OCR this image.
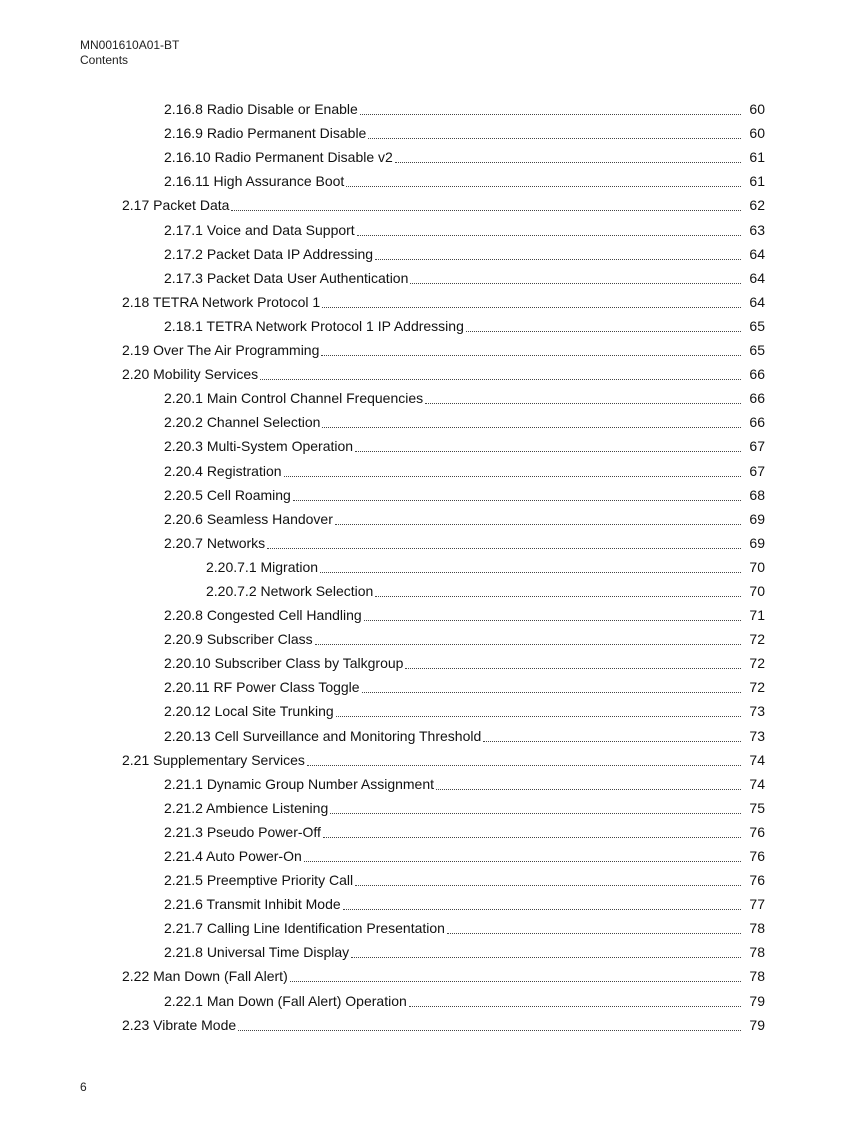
MN001610A01-BT
Contents
2.16.8 Radio Disable or Enable	60
2.16.9 Radio Permanent Disable	60
2.16.10 Radio Permanent Disable v2	61
2.16.11 High Assurance Boot	61
2.17 Packet Data	62
2.17.1 Voice and Data Support	63
2.17.2 Packet Data IP Addressing	64
2.17.3 Packet Data User Authentication	64
2.18 TETRA Network Protocol 1	64
2.18.1 TETRA Network Protocol 1 IP Addressing	65
2.19 Over The Air Programming	65
2.20 Mobility Services	66
2.20.1 Main Control Channel Frequencies	66
2.20.2 Channel Selection	66
2.20.3 Multi-System Operation	67
2.20.4 Registration	67
2.20.5 Cell Roaming	68
2.20.6 Seamless Handover	69
2.20.7 Networks	69
2.20.7.1 Migration	70
2.20.7.2 Network Selection	70
2.20.8 Congested Cell Handling	71
2.20.9 Subscriber Class	72
2.20.10 Subscriber Class by Talkgroup	72
2.20.11 RF Power Class Toggle	72
2.20.12 Local Site Trunking	73
2.20.13 Cell Surveillance and Monitoring Threshold	73
2.21 Supplementary Services	74
2.21.1 Dynamic Group Number Assignment	74
2.21.2 Ambience Listening	75
2.21.3 Pseudo Power-Off	76
2.21.4 Auto Power-On	76
2.21.5 Preemptive Priority Call	76
2.21.6 Transmit Inhibit Mode	77
2.21.7 Calling Line Identification Presentation	78
2.21.8 Universal Time Display	78
2.22 Man Down (Fall Alert)	78
2.22.1 Man Down (Fall Alert) Operation	79
2.23 Vibrate Mode	79
6
